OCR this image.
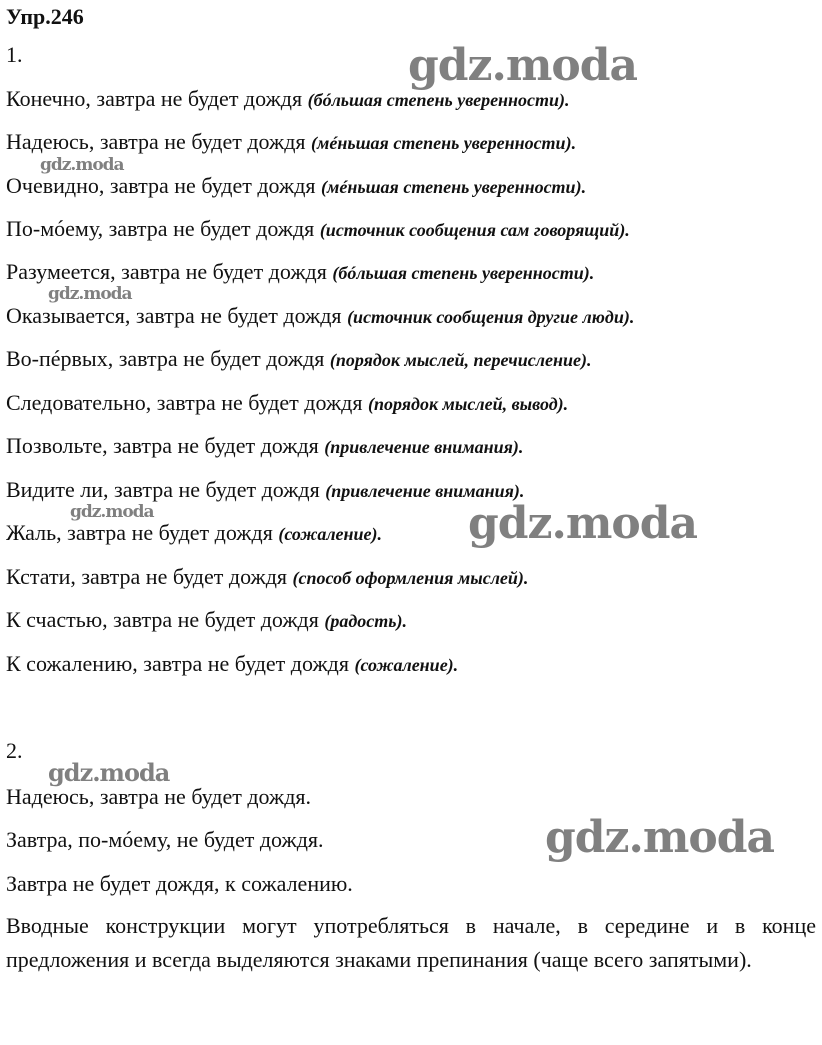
Упр.246
1.
Конечно, завтра не будет дождя (бóльшая степень уверенности).
Надеюсь, завтра не будет дождя (мéньшая степень уверенности).
Очевидно, завтра не будет дождя (мéньшая степень уверенности).
По-мóему, завтра не будет дождя (источник сообщения сам говорящий).
Разумеется, завтра не будет дождя (бóльшая степень уверенности).
Оказывается, завтра не будет дождя (источник сообщения другие люди).
Во-пéрвых, завтра не будет дождя (порядок мыслей, перечисление).
Следовательно, завтра не будет дождя (порядок мыслей, вывод).
Позвольте, завтра не будет дождя (привлечение внимания).
Видите ли, завтра не будет дождя (привлечение внимания).
Жаль, завтра не будет дождя (сожаление).
Кстати, завтра не будет дождя (способ оформления мыслей).
К счастью, завтра не будет дождя (радость).
К сожалению, завтра не будет дождя (сожаление).
2.
Надеюсь, завтра не будет дождя.
Завтра, по-мóему, не будет дождя.
Завтра не будет дождя, к сожалению.
Вводные конструкции могут употребляться в начале, в середине и в конце предложения и всегда выделяются знаками препинания (чаще всего запятыми).
gdz.moda
gdz.moda
gdz.moda
gdz.moda	gdz.moda
gdz.moda
gdz.moda
